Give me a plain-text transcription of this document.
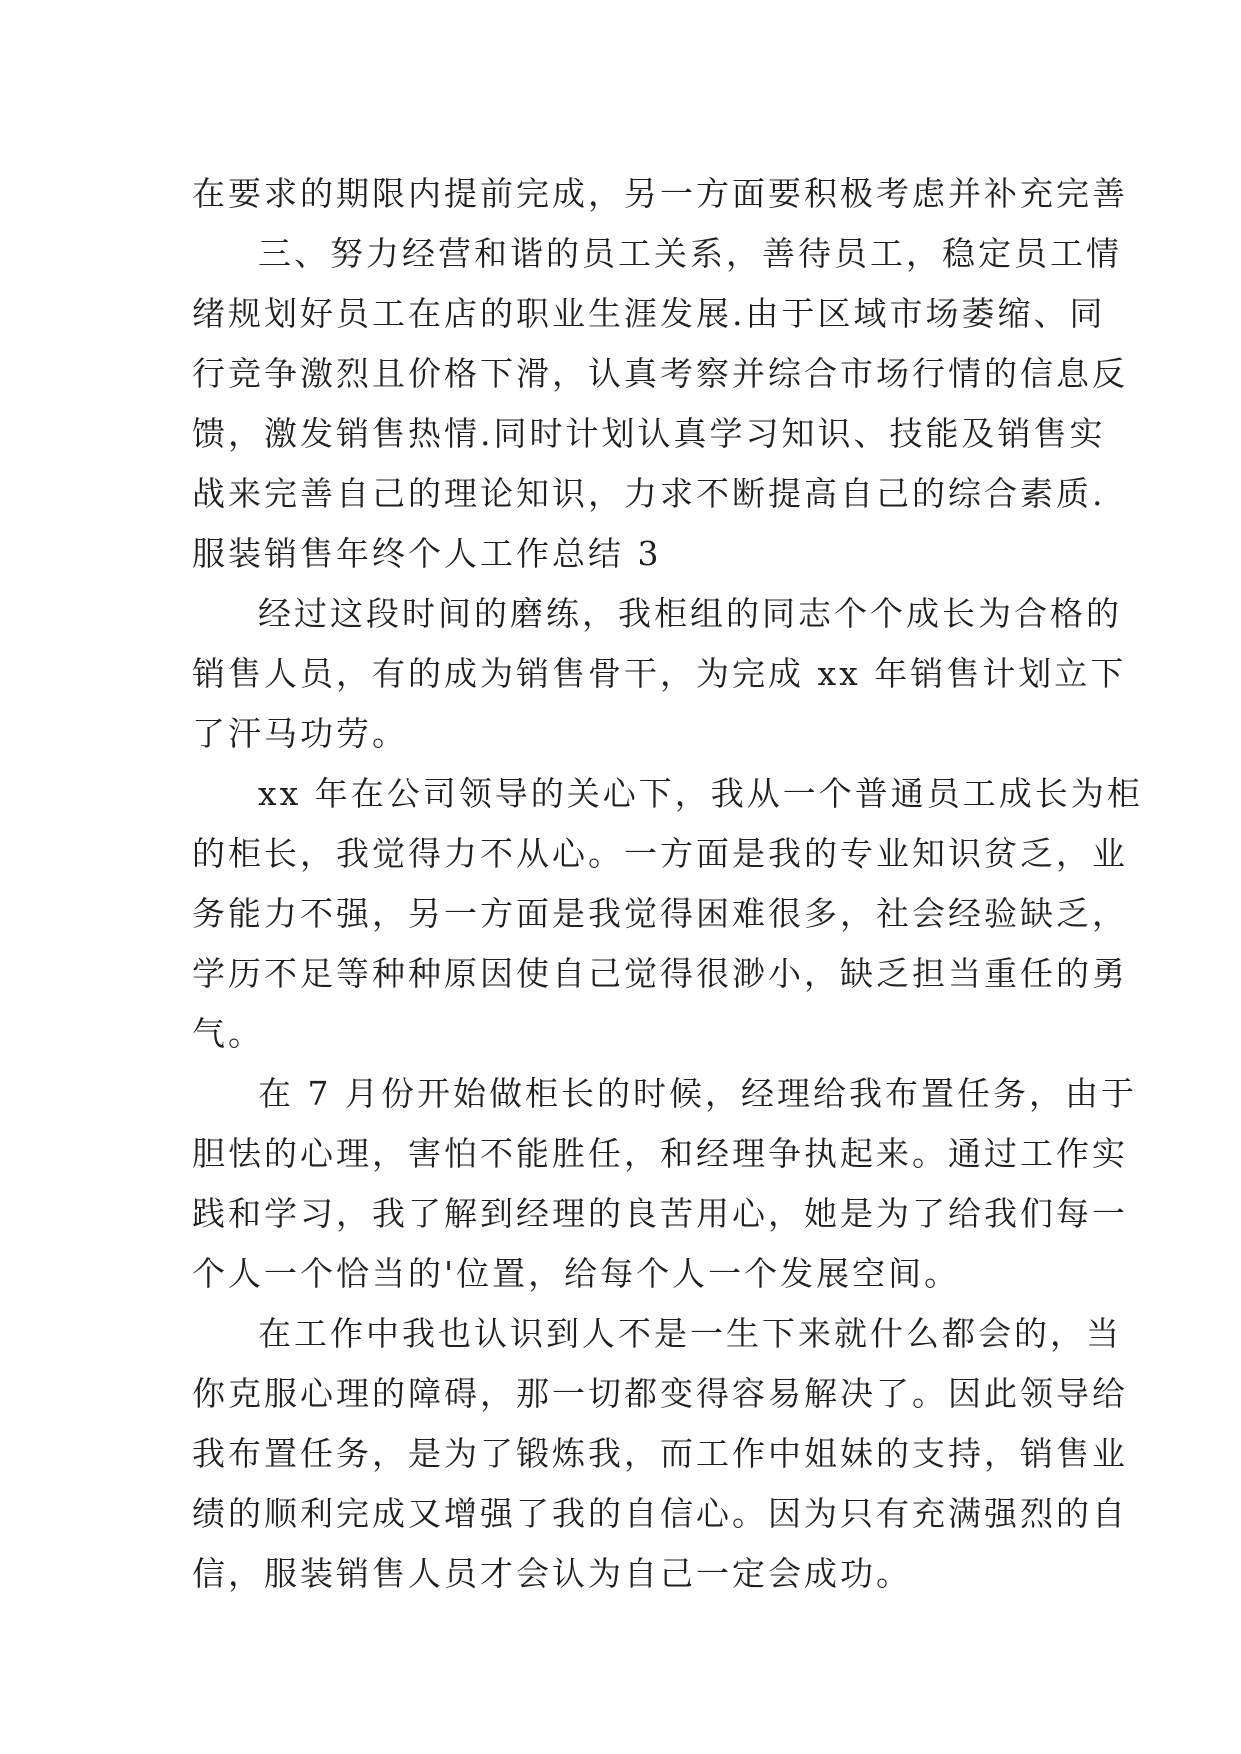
在要求的期限内提前完成，另一方面要积极考虑并补充完善
三、努力经营和谐的员工关系，善待员工，稳定员工情
绪规划好员工在店的职业生涯发展.由于区域市场萎缩、同
行竞争激烈且价格下滑，认真考察并综合市场行情的信息反
馈，激发销售热情.同时计划认真学习知识、技能及销售实
战来完善自己的理论知识，力求不断提高自己的综合素质.
服装销售年终个人工作总结 3
经过这段时间的磨练，我柜组的同志个个成长为合格的
销售人员，有的成为销售骨干，为完成 xx 年销售计划立下
了汗马功劳。
xx 年在公司领导的关心下，我从一个普通员工成长为柜
的柜长，我觉得力不从心。一方面是我的专业知识贫乏，业
务能力不强，另一方面是我觉得困难很多，社会经验缺乏，
学历不足等种种原因使自己觉得很渺小，缺乏担当重任的勇
气。
在 7 月份开始做柜长的时候，经理给我布置任务，由于
胆怯的心理，害怕不能胜任，和经理争执起来。通过工作实
践和学习，我了解到经理的良苦用心，她是为了给我们每一
个人一个恰当的'位置，给每个人一个发展空间。
在工作中我也认识到人不是一生下来就什么都会的，当
你克服心理的障碍，那一切都变得容易解决了。因此领导给
我布置任务，是为了锻炼我，而工作中姐妹的支持，销售业
绩的顺利完成又增强了我的自信心。因为只有充满强烈的自
信，服装销售人员才会认为自己一定会成功。
